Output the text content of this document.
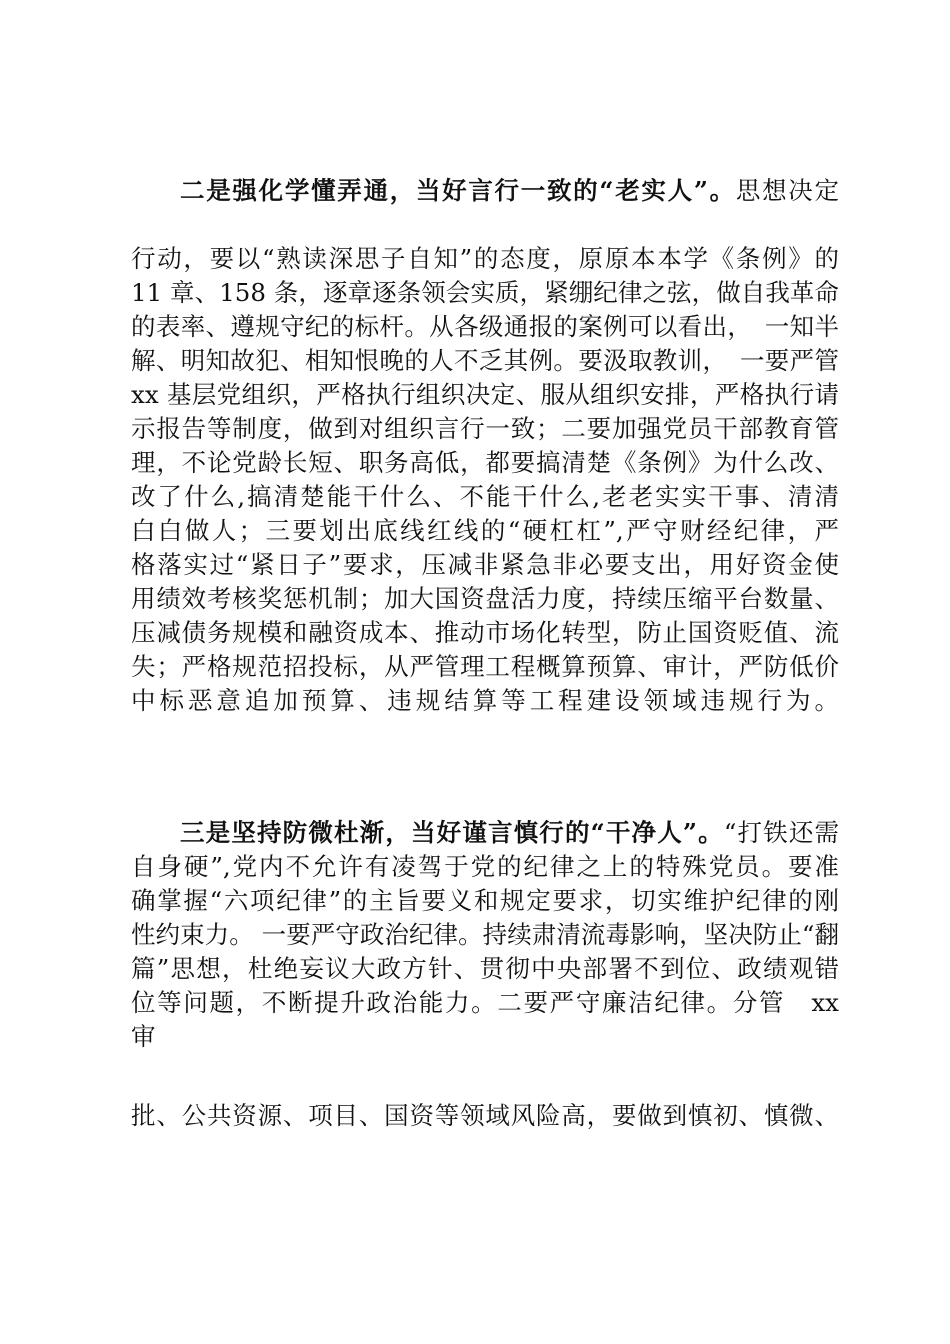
二是强化学懂弄通，当好言行一致的“老实人”。思想决定
行动，要以“熟读深思子自知”的态度，原原本本学《条例》的
11 章、158 条，逐章逐条领会实质，紧绷纪律之弦，做自我革命
的表率、遵规守纪的标杆。从各级通报的案例可以看出，　一知半
解、明知故犯、相知恨晚的人不乏其例。要汲取教训，　一要严管
xx 基层党组织，严格执行组织决定、服从组织安排，严格执行请
示报告等制度，做到对组织言行一致；二要加强党员干部教育管
理，不论党龄长短、职务高低，都要搞清楚《条例》为什么改、
改了什么,搞清楚能干什么、不能干什么,老老实实干事、清清
白白做人；三要划出底线红线的“硬杠杠”,严守财经纪律，严
格落实过“紧日子”要求，压减非紧急非必要支出，用好资金使
用绩效考核奖惩机制；加大国资盘活力度，持续压缩平台数量、
压减债务规模和融资成本、推动市场化转型，防止国资贬值、流
失；严格规范招投标，从严管理工程概算预算、审计，严防低价
中标恶意追加预算、违规结算等工程建设领域违规行为。
三是坚持防微杜渐，当好谨言慎行的“干净人”。“打铁还需
自身硬”,党内不允许有凌驾于党的纪律之上的特殊党员。要准
确掌握“六项纪律”的主旨要义和规定要求，切实维护纪律的刚
性约束力。 一要严守政治纪律。持续肃清流毒影响，坚决防止“翻
篇”思想，杜绝妄议大政方针、贯彻中央部署不到位、政绩观错
位等问题，不断提升政治能力。二要严守廉洁纪律。分管　xx
审
批、公共资源、项目、国资等领域风险高，要做到慎初、慎微、
